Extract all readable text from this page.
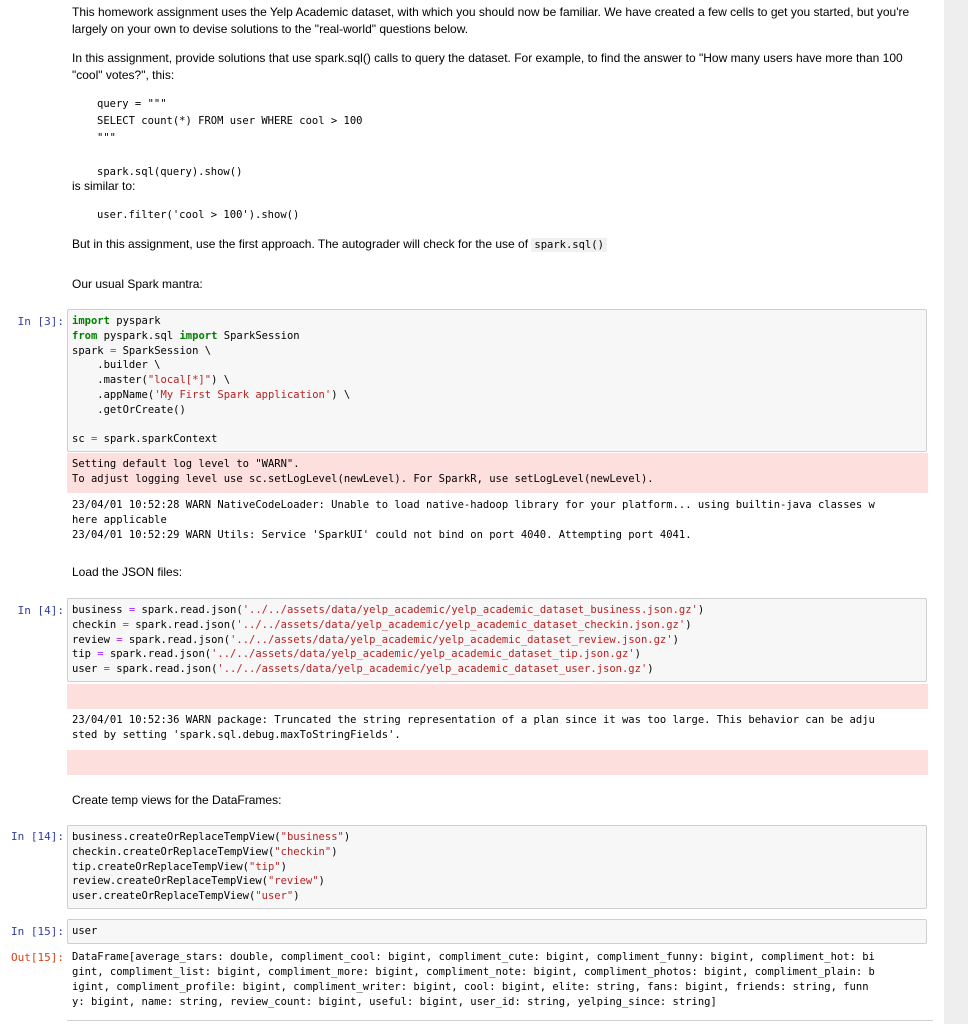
This homework assignment uses the Yelp Academic dataset, with which you should now be familiar. We have created a few cells to get you started, but you're largely on your own to devise solutions to the "real-world" questions below.

In this assignment, provide solutions that use spark.sql() calls to query the dataset. For example, to find the answer to "How many users have more than 100 "cool" votes?", this:

query = """
SELECT count(*) FROM user WHERE cool > 100
"""

spark.sql(query).show()

is similar to:

user.filter('cool > 100').show()

But in this assignment, use the first approach. The autograder will check for the use of spark.sql()

Our usual Spark mantra:

In [3]: import pyspark
from pyspark.sql import SparkSession
spark = SparkSession \
.builder \
.master("local[*]") \
.appName('My First Spark application') \
.getOrCreate()

sc = spark.sparkContext
Setting default log level to "WARN".
To adjust logging level use sc.setLogLevel(newLevel). For SparkR, use setLogLevel(newLevel).
23/04/01 10:52:28 WARN NativeCodeLoader: Unable to load native-hadoop library for your platform... using builtin-java classes w
here applicable
23/04/01 10:52:29 WARN Utils: Service 'SparkUI' could not bind on port 4040. Attempting port 4041.

Load the JSON files:

In [4]: business = spark.read.json('../../assets/data/yelp_academic/yelp_academic_dataset_business.json.gz')
checkin = spark.read.json('../../assets/data/yelp_academic/yelp_academic_dataset_checkin.json.gz')
review = spark.read.json('../../assets/data/yelp_academic/yelp_academic_dataset_review.json.gz')
tip = spark.read.json('../../assets/data/yelp_academic/yelp_academic_dataset_tip.json.gz')
user = spark.read.json('../../assets/data/yelp_academic/yelp_academic_dataset_user.json.gz')
23/04/01 10:52:36 WARN package: Truncated the string representation of a plan since it was too large. This behavior can be adju
sted by setting 'spark.sql.debug.maxToStringFields'.

Create temp views for the DataFrames:

In [14]: business.createOrReplaceTempView("business")
checkin.createOrReplaceTempView("checkin")
tip.createOrReplaceTempView("tip")
review.createOrReplaceTempView("review")
user.createOrReplaceTempView("user")
In [15]: user
Out[15]: DataFrame[average_stars: double, compliment_cool: bigint, compliment_cute: bigint, compliment_funny: bigint, compliment_hot: bi
gint, compliment_list: bigint, compliment_more: bigint, compliment_note: bigint, compliment_photos: bigint, compliment_plain: b
igint, compliment_profile: bigint, compliment_writer: bigint, cool: bigint, elite: string, fans: bigint, friends: string, funn
y: bigint, name: string, review_count: bigint, useful: bigint, user_id: string, yelping_since: string]
